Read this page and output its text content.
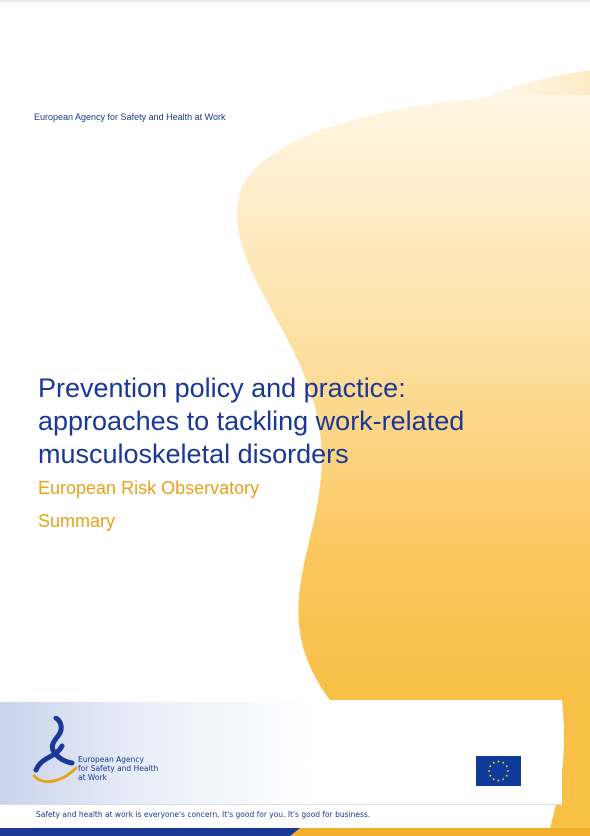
European Agency for Safety and Health at Work
Prevention policy and practice:
approaches to tackling work-related
musculoskeletal disorders
European Risk Observatory
Summary
European Agency
for Safety and Health
at Work
Safety and health at work is everyone's concern. It's good for you. It's good for business.
